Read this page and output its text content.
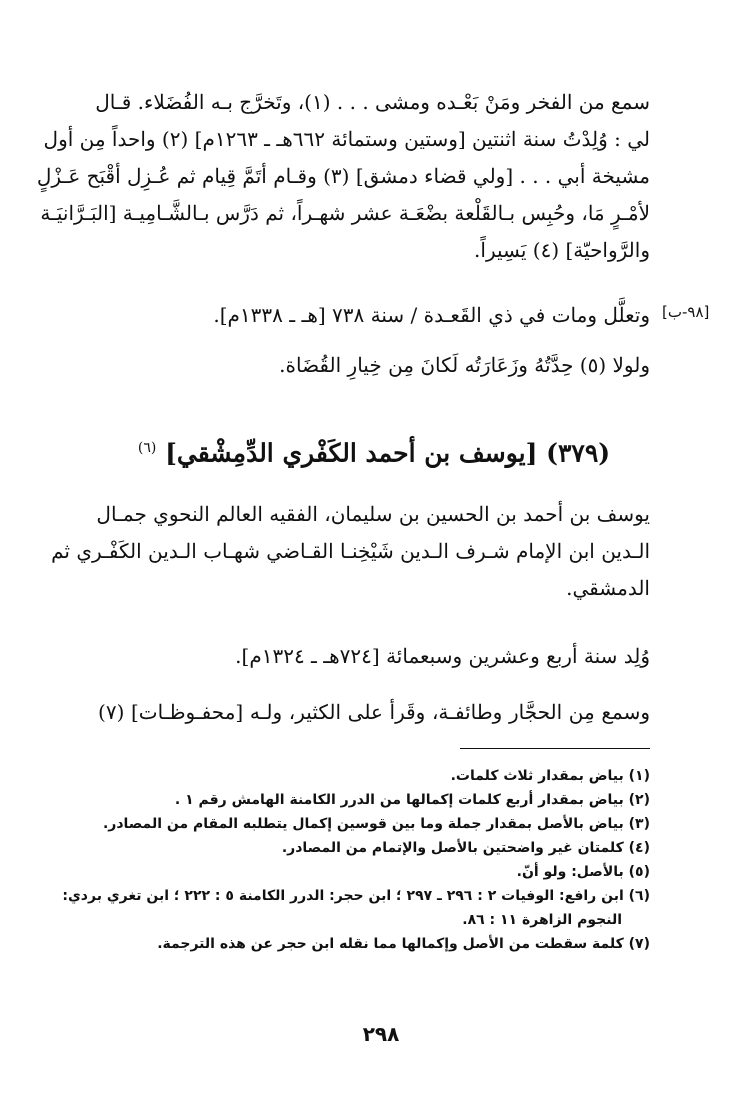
سمع من الفخر ومَنْ بَعْـده ومشى . . . (١)، وتَخرَّج بـه الفُضَلاء. قـال
لي : وُلِدْتُ سنة اثنتين [وستين وستمائة ٦٦٢هـ ـ ١٢٦٣م] (٢) واحداً مِن أول
مشيخة أبي . . . [ولي قضاء دمشق] (٣) وقـام أتَمَّ قِيام ثم عُـزِل أقْبَح عَـزْلٍ
لأمْـرٍ مَا، وحُبِس بـالقَلْعة بضْعَـة عشر شهـراً، ثم دَرَّس بـالشَّـامِيـة [البَـرَّانيَـة
والرَّواحيّة] (٤) يَسِيراً.
[٩٨-ب]
وتعلَّل ومات في ذي القَعـدة / سنة ٧٣٨ [هـ ـ ١٣٣٨م].
ولولا (٥) حِدَّتُهُ وزَعَارَتُه لَكانَ مِن خِيارِ القُضَاة.
(٣٧٩) [يوسف بن أحمد الكَفْري الدِّمِشْقي] $^{(٦)}$
يوسف بن أحمد بن الحسين بن سليمان، الفقيه العالم النحوي جمـال
الـدين ابن الإمام شـرف الـدين شَيْخِنـا القـاضي شهـاب الـدين الكَفْـري ثم
الدمشقي.
وُلِد سنة أربع وعشرين وسبعمائة [٧٢٤هـ ـ ١٣٢٤م].
وسمع مِن الحجَّار وطائفـة، وقَرأ على الكثير، ولـه [محفـوظـات] (٧)
(١) بياض بمقدار ثلاث كلمات.
(٢) بياض بمقدار أربع كلمات إكمالها من الدرر الكامنة الهامش رقم ١ .
(٣) بياض بالأصل بمقدار جملة وما بين قوسين إكمال يتطلبه المقام من المصادر.
(٤) كلمتان غير واضحتين بالأصل والإتمام من المصادر.
(٥) بالأصل: ولو أنّ.
(٦) ابن رافع: الوفيات ٢ : ٢٩٦ ـ ٢٩٧ ؛ ابن حجر: الدرر الكامنة ٥ : ٢٢٢ ؛ ابن تغري بردي:
النجوم الزاهرة ١١ : ٨٦.
(٧) كلمة سقطت من الأصل وإكمالها مما نقله ابن حجر عن هذه الترجمة.
٢٩٨
